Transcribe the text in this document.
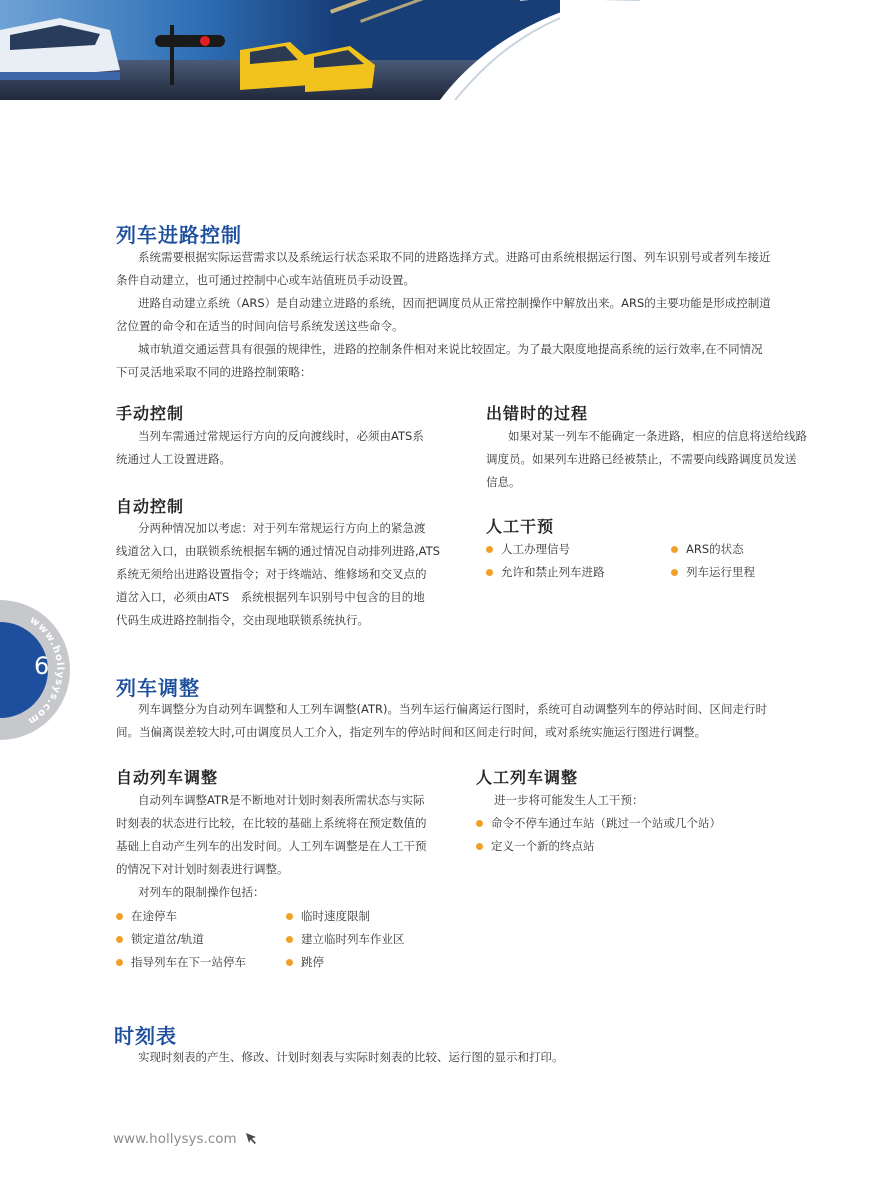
列车进路控制

系统需要根据实际运营需求以及系统运行状态采取不同的进路选择方式。进路可由系统根据运行图、列车识别号或者列车接近

条件自动建立，也可通过控制中心或车站值班员手动设置。

进路自动建立系统（ARS）是自动建立进路的系统，因而把调度员从正常控制操作中解放出来。ARS的主要功能是形成控制道

岔位置的命令和在适当的时间向信号系统发送这些命令。

城市轨道交通运营具有很强的规律性，进路的控制条件相对来说比较固定。为了最大限度地提高系统的运行效率,在不同情况

下可灵活地采取不同的进路控制策略：

手动控制

当列车需通过常规运行方向的反向渡线时，必须由ATS系

统通过人工设置进路。

自动控制

分两种情况加以考虑：对于列车常规运行方向上的紧急渡

线道岔入口，由联锁系统根据车辆的通过情况自动排列进路,ATS

系统无须给出进路设置指令；对于终端站、维修场和交叉点的

道岔入口，必须由ATS　系统根据列车识别号中包含的目的地

代码生成进路控制指令，交由现地联锁系统执行。

出错时的过程

如果对某一列车不能确定一条进路，相应的信息将送给线路

调度员。如果列车进路已经被禁止，不需要向线路调度员发送

信息。

人工干预
人工办理信号
允许和禁止列车进路
ARS的状态
列车运行里程
6
www.hollysys.com
列车调整

列车调整分为自动列车调整和人工列车调整(ATR)。当列车运行偏离运行图时，系统可自动调整列车的停站时间、区间走行时

间。当偏离误差较大时,可由调度员人工介入，指定列车的停站时间和区间走行时间，或对系统实施运行图进行调整。

自动列车调整

自动列车调整ATR是不断地对计划时刻表所需状态与实际

时刻表的状态进行比较，在比较的基础上系统将在预定数值的

基础上自动产生列车的出发时间。人工列车调整是在人工干预

的情况下对计划时刻表进行调整。

对列车的限制操作包括：

在途停车
锁定道岔/轨道
指导列车在下一站停车
临时速度限制
建立临时列车作业区
跳停
人工列车调整

进一步将可能发生人工干预：

命令不停车通过车站（跳过一个站或几个站）
定义一个新的终点站
时刻表

实现时刻表的产生、修改、计划时刻表与实际时刻表的比较、运行图的显示和打印。

www.hollysys.com
